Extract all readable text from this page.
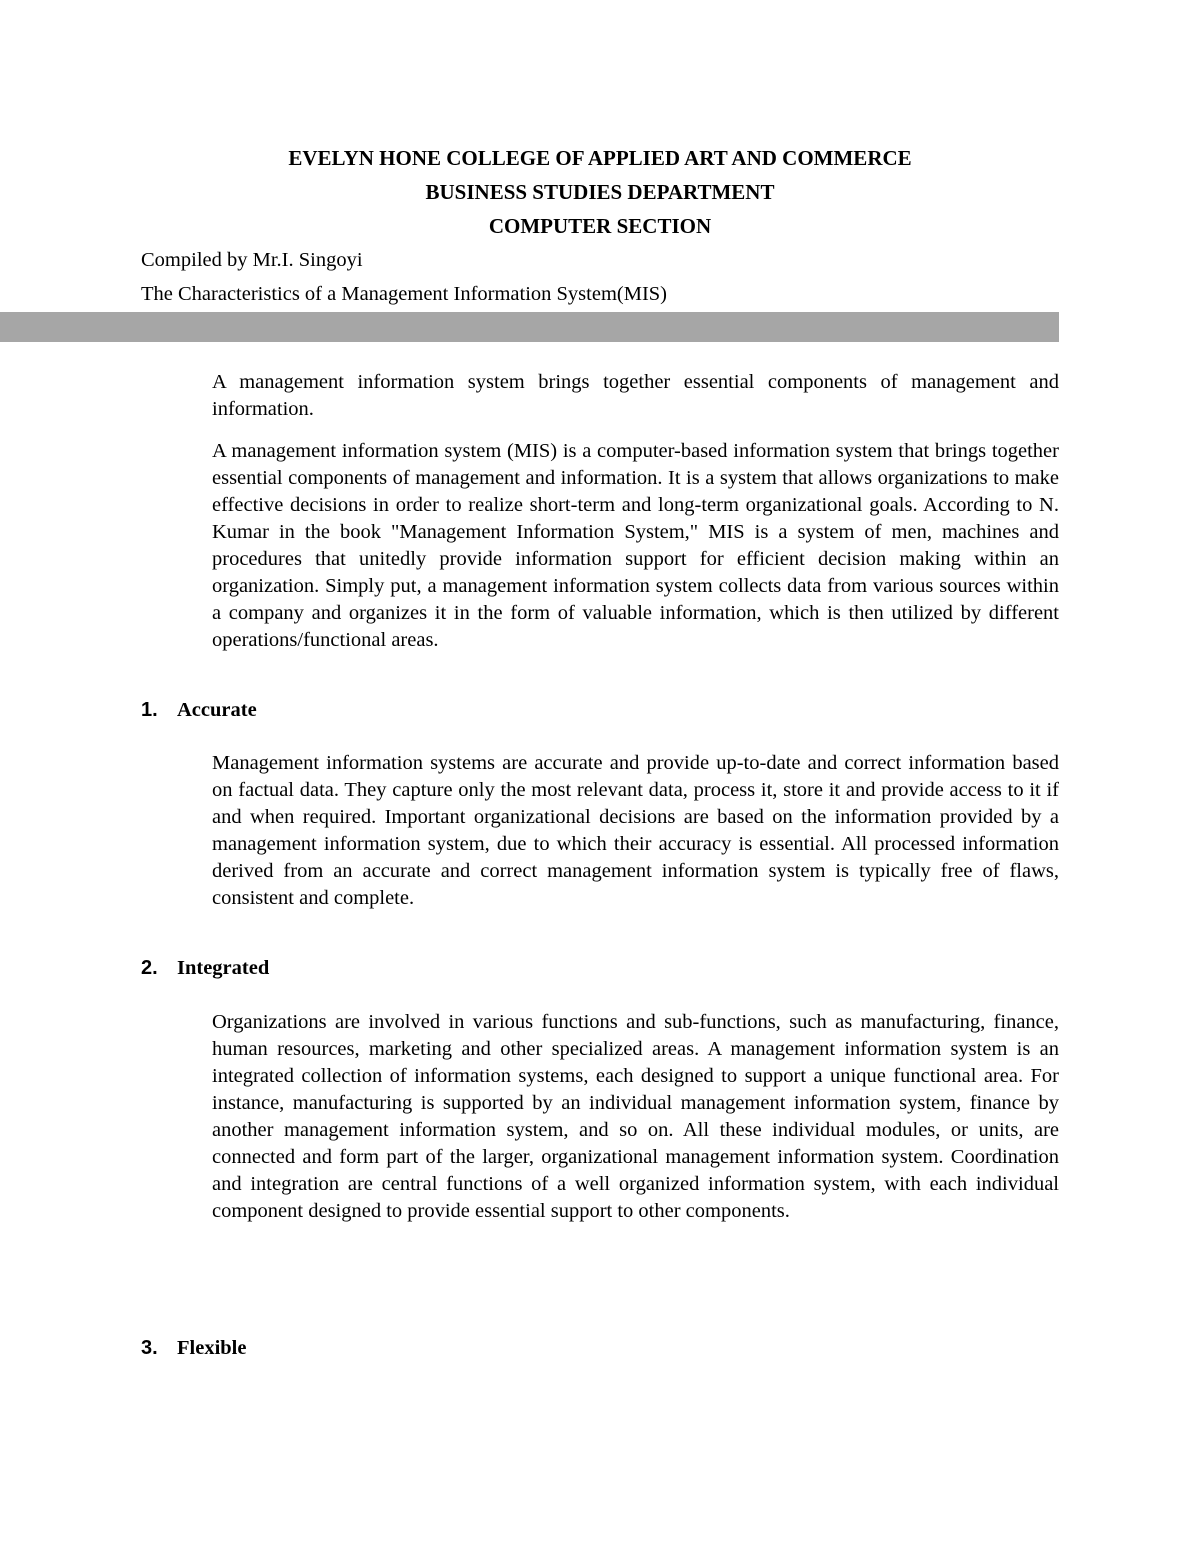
EVELYN HONE COLLEGE OF APPLIED ART AND COMMERCE
BUSINESS STUDIES DEPARTMENT
COMPUTER SECTION
Compiled by Mr.I. Singoyi
The Characteristics of a Management Information System(MIS)

A management information system brings together essential components of management and information.

A management information system (MIS) is a computer-based information system that brings together essential components of management and information. It is a system that allows organizations to make effective decisions in order to realize short-term and long-term organizational goals. According to N. Kumar in the book "Management Information System," MIS is a system of men, machines and procedures that unitedly provide information support for efficient decision making within an organization. Simply put, a management information system collects data from various sources within a company and organizes it in the form of valuable information, which is then utilized by different operations/functional areas.

1. Accurate

Management information systems are accurate and provide up-to-date and correct information based on factual data. They capture only the most relevant data, process it, store it and provide access to it if and when required. Important organizational decisions are based on the information provided by a management information system, due to which their accuracy is essential. All processed information derived from an accurate and correct management information system is typically free of flaws, consistent and complete.

2. Integrated

Organizations are involved in various functions and sub-functions, such as manufacturing, finance, human resources, marketing and other specialized areas. A management information system is an integrated collection of information systems, each designed to support a unique functional area. For instance, manufacturing is supported by an individual management information system, finance by another management information system, and so on. All these individual modules, or units, are connected and form part of the larger, organizational management information system. Coordination and integration are central functions of a well organized information system, with each individual component designed to provide essential support to other components.

3. Flexible
